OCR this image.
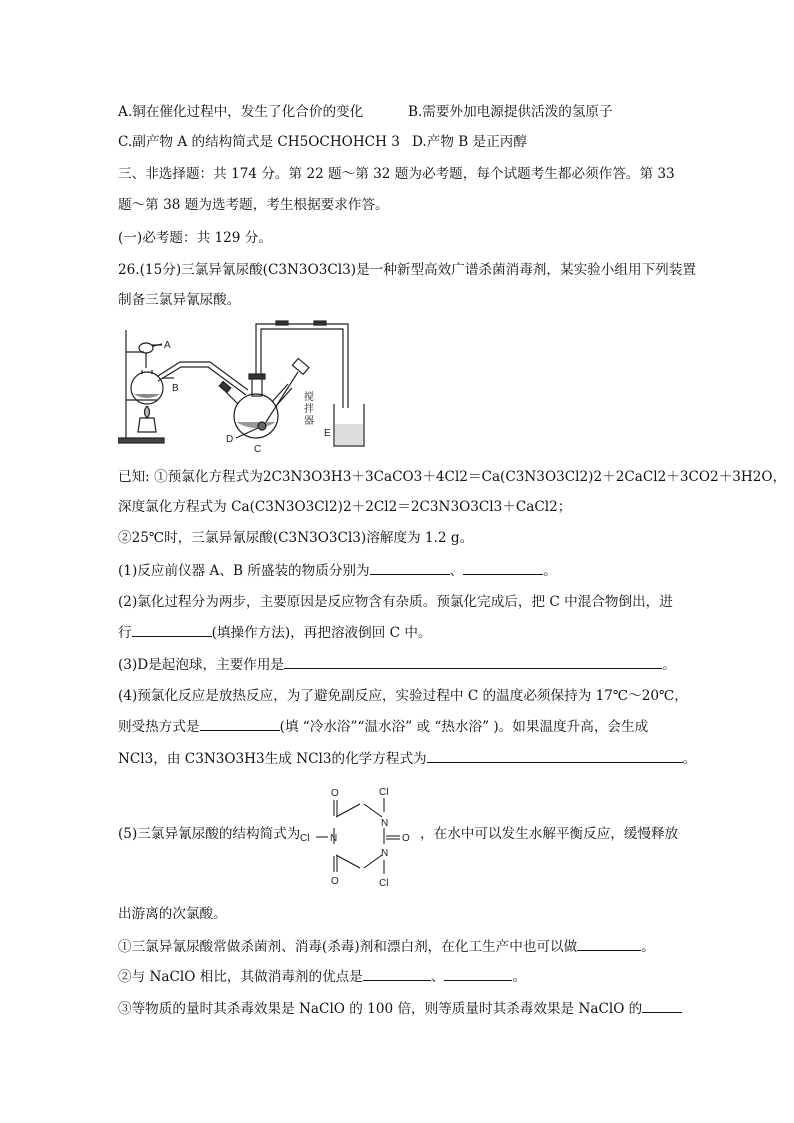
A.铜在催化过程中，发生了化合价的变化	B.需要外加电源提供活泼的氢原子
C.副产物 A 的结构简式是 CH5OCHOHCH 3 D.产物 B 是正丙醇
三、非选择题：共 174 分。第 22 题～第 32 题为必考题，每个试题考生都必须作答。第 33
题～第 38 题为选考题，考生根据要求作答。
(一)必考题：共 129 分。
26.(15分)三氯异氰尿酸(C3N3O3Cl3)是一种新型高效广谱杀菌消毒剂，某实验小组用下列装置
制备三氯异氰尿酸。
A
B
C
D
E
搅
拌
器
已知: ①预氯化方程式为2C3N3O3H3＋3CaCO3＋4Cl2＝Ca(C3N3O3Cl2)2＋2CaCl2＋3CO2＋3H2O，
深度氯化方程式为 Ca(C3N3O3Cl2)2＋2Cl2＝2C3N3O3Cl3＋CaCl2；
②25℃时，三氯异氰尿酸(C3N3O3Cl3)溶解度为 1.2 g。
(1)反应前仪器 A、B 所盛装的物质分别为	、	。
(2)氯化过程分为两步，主要原因是反应物含有杂质。预氯化完成后，把 C 中混合物倒出，进
行	(填操作方法)，再把溶液倒回 C 中。
(3)D是起泡球，主要作用是	。
(4)预氯化反应是放热反应，为了避免副反应，实验过程中 C 的温度必须保持为 17℃～20℃，
则受热方式是	(填 “冷水浴”“温水浴” 或 “热水浴” )。如果温度升高，会生成
NCl3，由 C3N3O3H3生成 NCl3的化学方程式为	。
(5)三氯异氰尿酸的结构简式为
O	Cl
N
O
N
Cl
O
N
Cl	，在水中可以发生水解平衡反应，缓慢释放
出游离的次氯酸。
①三氯异氰尿酸常做杀菌剂、消毒(杀毒)剂和漂白剂，在化工生产中也可以做	。
②与 NaClO 相比，其做消毒剂的优点是	、	。
③等物质的量时其杀毒效果是 NaClO 的 100 倍，则等质量时其杀毒效果是 NaClO 的
